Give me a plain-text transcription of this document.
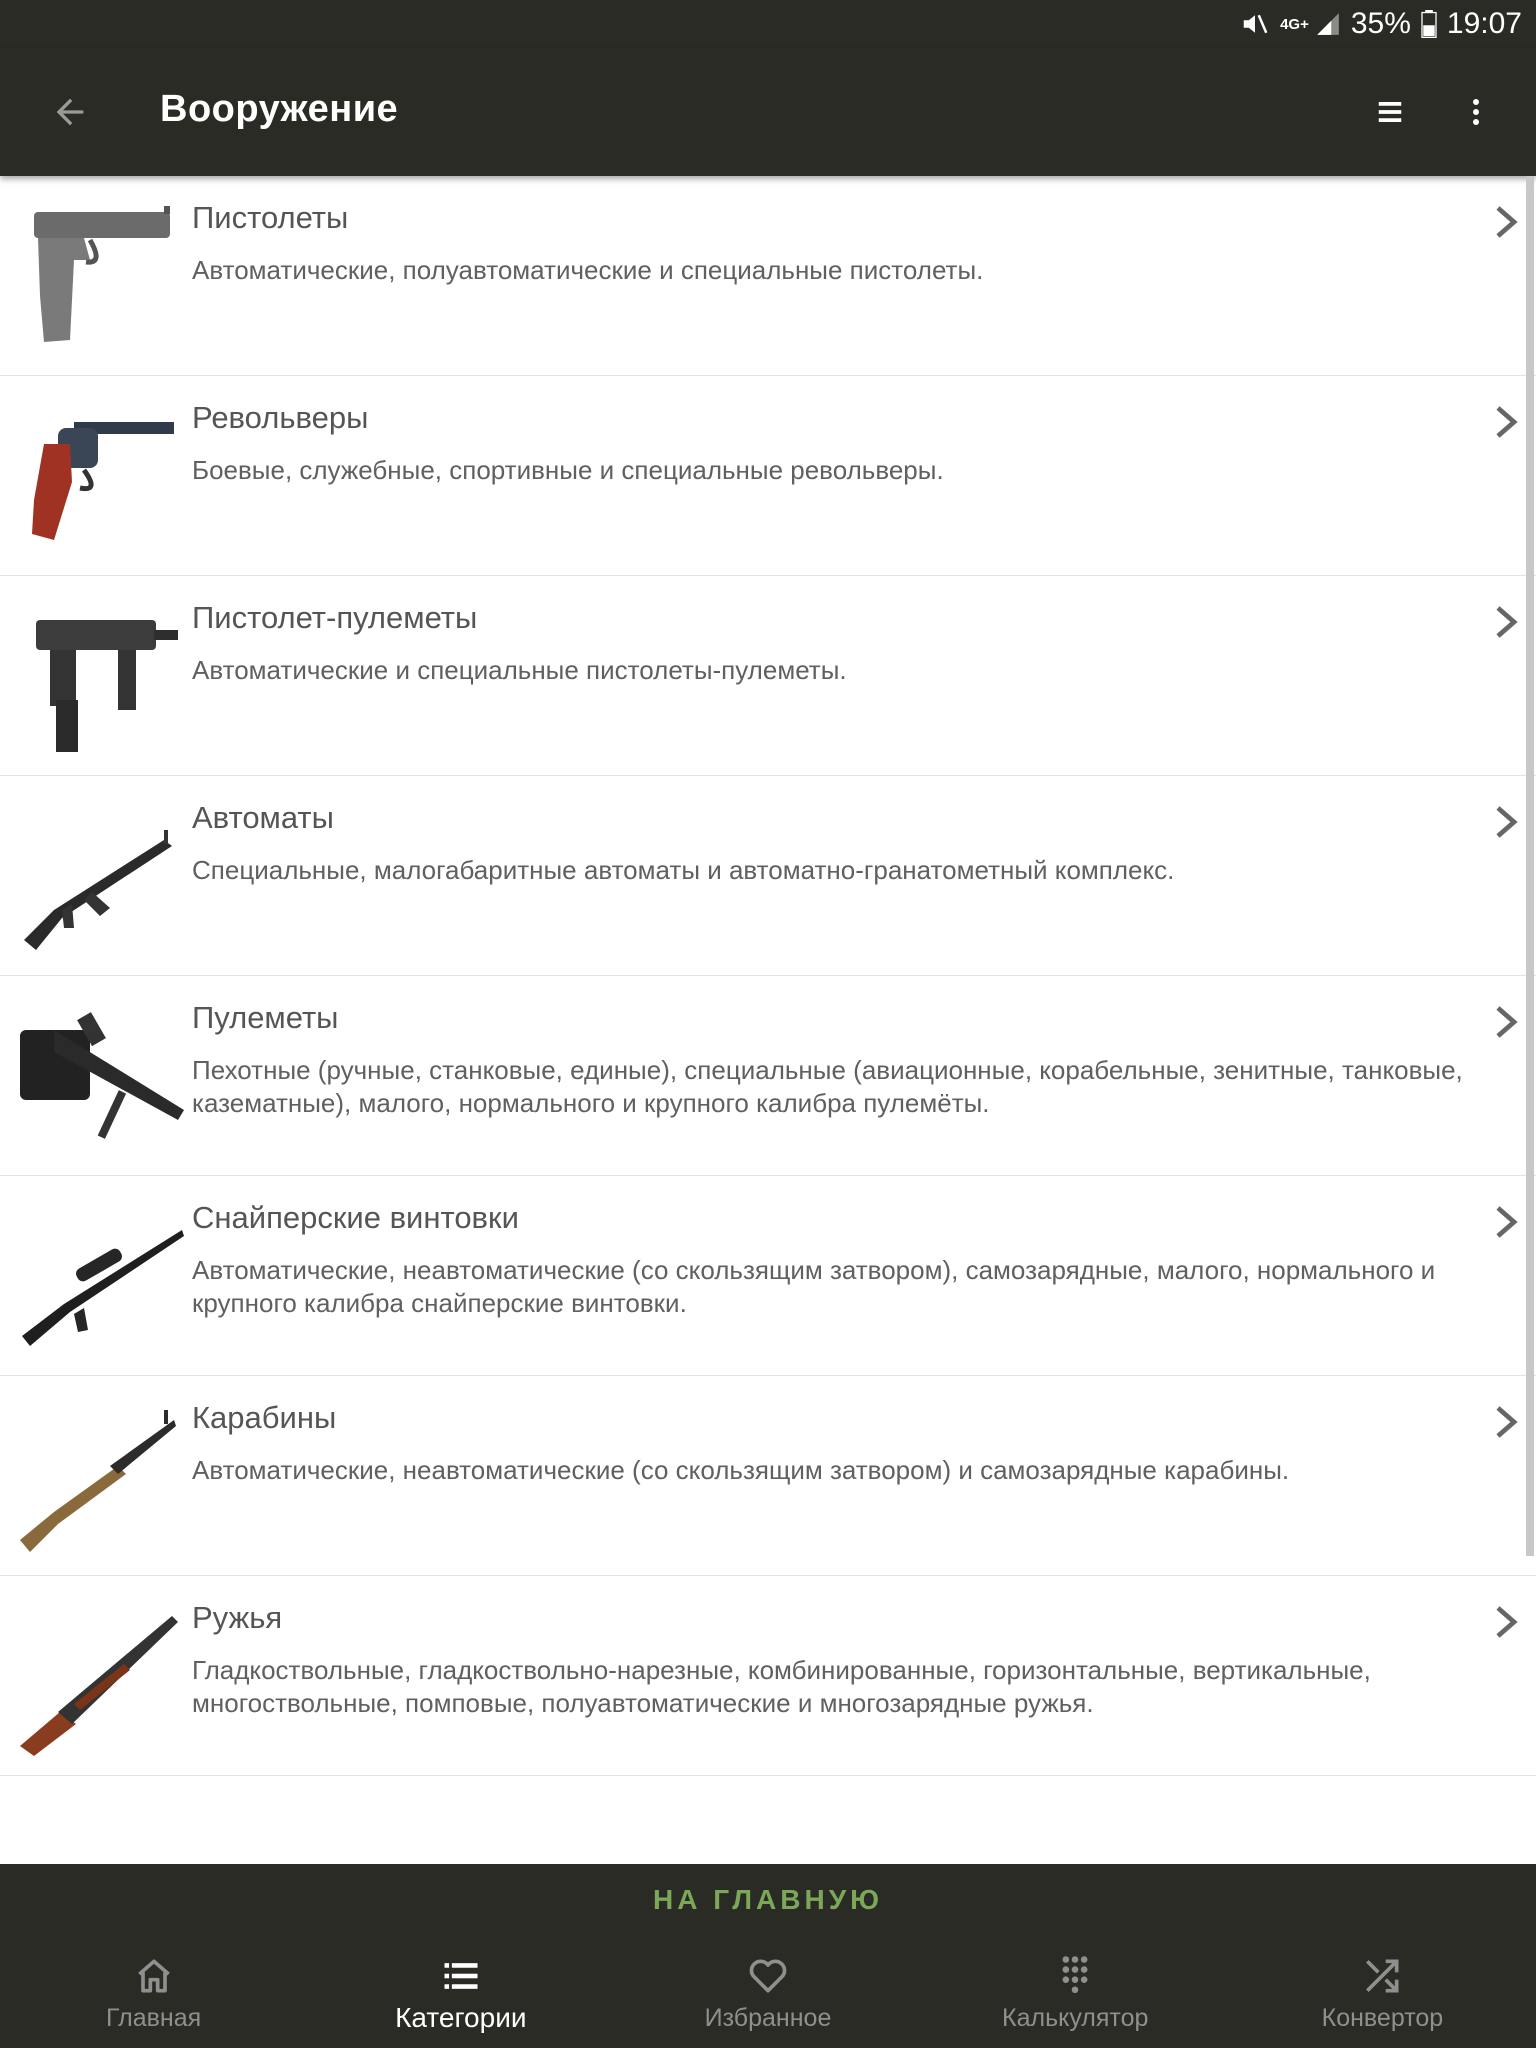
4G+ 35% 19:07
Вооружение
Пистолеты
Автоматические, полуавтоматические и специальные пистолеты.
Револьверы
Боевые, служебные, спортивные и специальные револьверы.
Пистолет-пулеметы
Автоматические и специальные пистолеты-пулеметы.
Автоматы
Специальные, малогабаритные автоматы и автоматно-гранатометный комплекс.
Пулеметы
Пехотные (ручные, станковые, единые), специальные (авиационные, корабельные, зенитные, танковые, казематные), малого, нормального и крупного калибра пулемёты.
Снайперские винтовки
Автоматические, неавтоматические (со скользящим затвором), самозарядные, малого, нормального и крупного калибра снайперские винтовки.
Карабины
Автоматические, неавтоматические (со скользящим затвором) и самозарядные карабины.
Ружья
Гладкоствольные, гладкоствольно-нарезные, комбинированные, горизонтальные, вертикальные, многоствольные, помповые, полуавтоматические и многозарядные ружья.
НА ГЛАВНУЮ
Главная	Категории	Избранное	Калькулятор	Конвертор
